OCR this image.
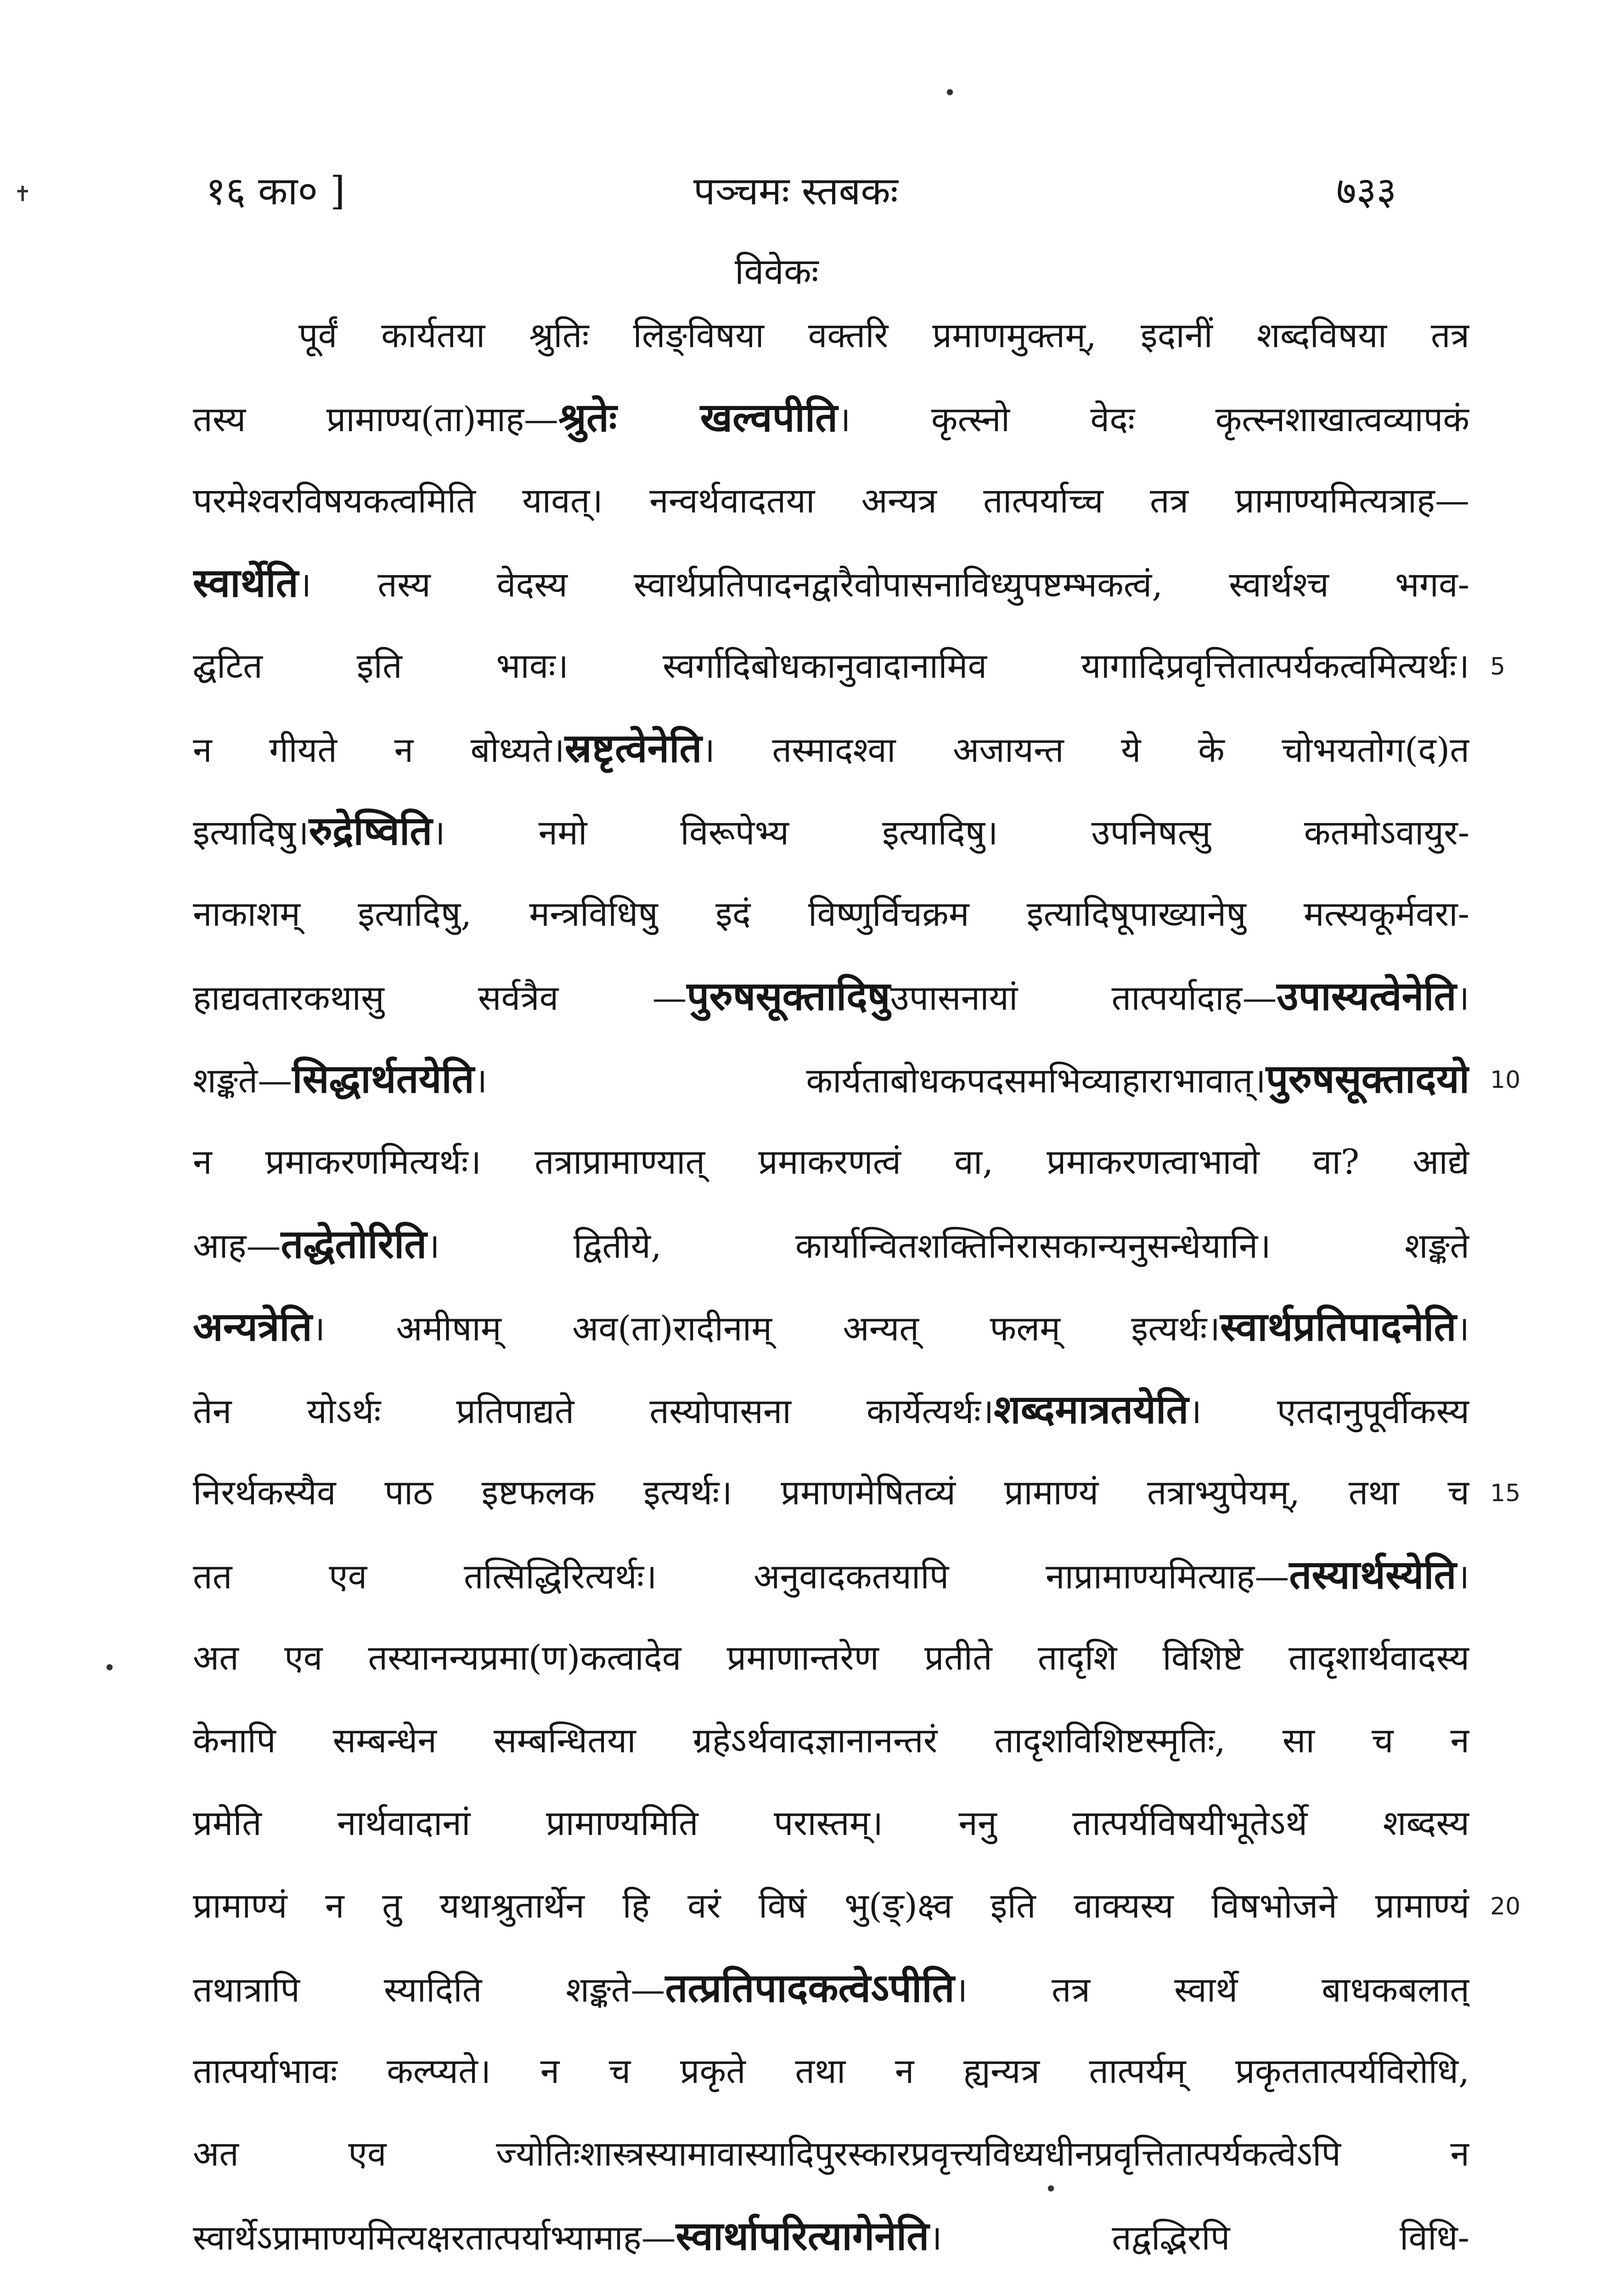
१६ का० ]	पञ्चमः स्तबकः	७३३
विवेकः
पूर्वं कार्यतया श्रुतिः लिङ्विषया वक्तरि प्रमाणमुक्तम्, इदानीं शब्दविषया तत्र
तस्य प्रामाण्य(ता)माह—श्रुतेः खल्वपीति। कृत्स्नो वेदः कृत्स्नशाखात्वव्यापकं
परमेश्वरविषयकत्वमिति यावत्। नन्वर्थवादतया अन्यत्र तात्पर्याच्च तत्र प्रामाण्यमित्यत्राह—
स्वार्थेति। तस्य वेदस्य स्वार्थप्रतिपादनद्वारैवोपासनाविध्युपष्टम्भकत्वं, स्वार्थश्च भगव-
द्घटित इति भावः। स्वर्गादिबोधकानुवादानामिव यागादिप्रवृत्तितात्पर्यकत्वमित्यर्थः।
न गीयते न बोध्यते।स्रष्टृत्वेनेति। तस्मादश्वा अजायन्त ये के चोभयतोग(द)त
इत्यादिषु।रुद्रेष्विति। नमो विरूपेभ्य इत्यादिषु। उपनिषत्सु कतमोऽवायुर-
नाकाशम् इत्यादिषु, मन्त्रविधिषु इदं विष्णुर्विचक्रम इत्यादिषूपाख्यानेषु मत्स्यकूर्मवरा-
हाद्यवतारकथासु सर्वत्रैव —पुरुषसूक्तादिषुउपासनायां तात्पर्यादाह—उपास्यत्वेनेति।
शङ्कते—सिद्धार्थतयेति। कार्यताबोधकपदसमभिव्याहाराभावात्।पुरुषसूक्तादयो
न प्रमाकरणमित्यर्थः। तत्राप्रामाण्यात् प्रमाकरणत्वं वा, प्रमाकरणत्वाभावो वा? आद्ये
आह—तद्धेतोरिति। द्वितीये, कार्यान्वितशक्तिनिरासकान्यनुसन्धेयानि। शङ्कते
अन्यत्रेति। अमीषाम् अव(ता)रादीनाम् अन्यत् फलम् इत्यर्थः।स्वार्थप्रतिपादनेति।
तेन योऽर्थः प्रतिपाद्यते तस्योपासना कार्येत्यर्थः।शब्दमात्रतयेति। एतदानुपूर्वीकस्य
निरर्थकस्यैव पाठ इष्टफलक इत्यर्थः। प्रमाणमेषितव्यं प्रामाण्यं तत्राभ्युपेयम्, तथा च
तत एव तत्सिद्धिरित्यर्थः। अनुवादकतयापि नाप्रामाण्यमित्याह—तस्यार्थस्येति।
अत एव तस्यानन्यप्रमा(ण)कत्वादेव प्रमाणान्तरेण प्रतीते तादृशि विशिष्टे तादृशार्थवादस्य
केनापि सम्बन्धेन सम्बन्धितया ग्रहेऽर्थवादज्ञानानन्तरं तादृशविशिष्टस्मृतिः, सा च न
प्रमेति नार्थवादानां प्रामाण्यमिति परास्तम्। ननु तात्पर्यविषयीभूतेऽर्थे शब्दस्य
प्रामाण्यं न तु यथाश्रुतार्थेन हि वरं विषं भु(ङ्)क्ष्व इति वाक्यस्य विषभोजने प्रामाण्यं
तथात्रापि स्यादिति शङ्कते—तत्प्रतिपादकत्वेऽपीति। तत्र स्वार्थे बाधकबलात्
तात्पर्याभावः कल्प्यते। न च प्रकृते तथा न ह्यन्यत्र तात्पर्यम् प्रकृततात्पर्यविरोधि,
अत एव ज्योतिःशास्त्रस्यामावास्यादिपुरस्कारप्रवृत्त्यविध्यधीनप्रवृत्तितात्पर्यकत्वेऽपि न
स्वार्थेऽप्रामाण्यमित्यक्षरतात्पर्याभ्यामाह—स्वार्थापरित्यागेनेति। तद्वद्भिरपि विधि-
5
10
15
20
✝
•
•
•
